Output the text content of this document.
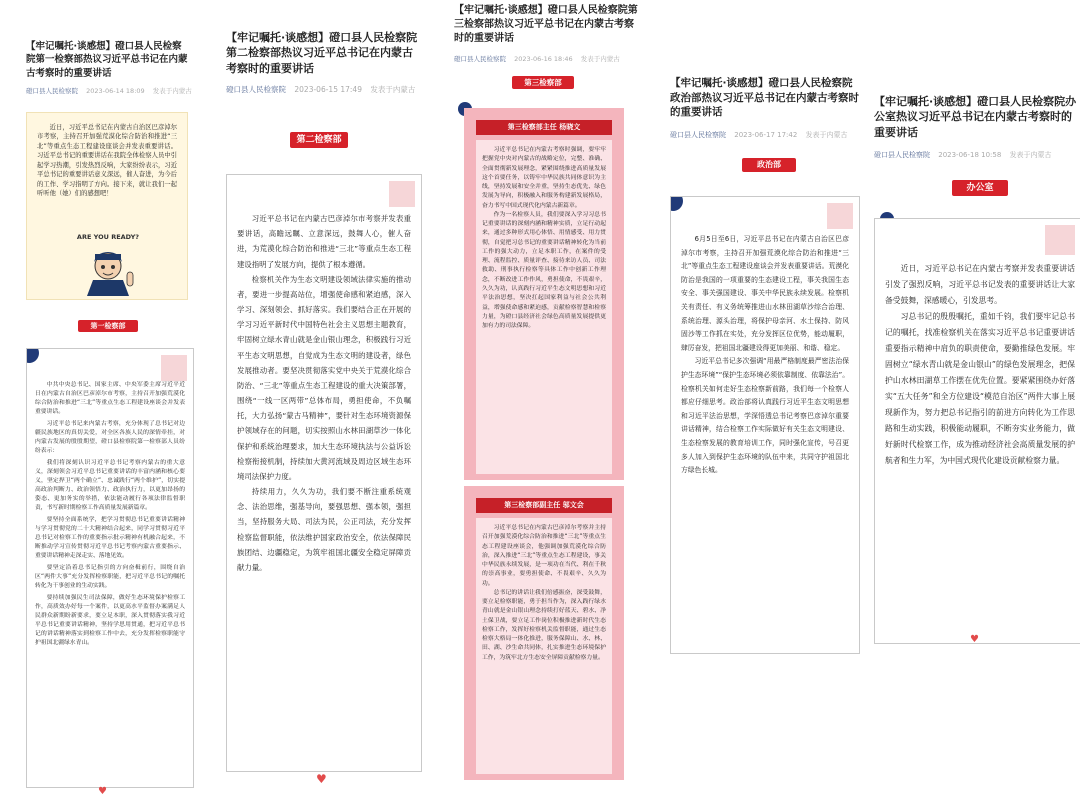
【牢记嘱托·谈感想】磴口县人民检察院第一检察部热议习近平总书记在内蒙古考察时的重要讲话
磴口县人民检察院 2023-06-14 18:09 发表于内蒙古
近日，习近平总书记在内蒙古自治区巴彦淖尔市考察，主持召开加强荒漠化综合防治和推进“三北”等重点生态工程建设座谈会并发表重要讲话。习近平总书记的重要讲话在我院全体检察人员中引起学习热潮，引发热烈反响，大家纷纷表示，习近平总书记的重要讲话意义深远，催人奋进，为今后的工作、学习指明了方向。接下来，就让我们一起听听他（她）们的感想吧！
ARE YOU READY?
第一检察部

中共中央总书记、国家主席、中央军委主席习近平近日在内蒙古自治区巴彦淖尔市考察，主持召开加强荒漠化综合防治和推进“三北”等重点生态工程建设座谈会并发表重要讲话。

习近平总书记来内蒙古考察，充分体现了总书记对边疆民族地区的真切关爱，对全区各族人民的深情牵挂，对内蒙古发展的殷殷期望，磴口县检察院第一检察部人员纷纷表示：

我们将深刻认识习近平总书记考察内蒙古的重大意义，深刻领会习近平总书记重要讲话的丰富内涵和核心要义，坚定捍卫“两个确立”、忠诚践行“两个维护”，切实提高政治判断力、政治领悟力、政治执行力，以更加昂扬的姿态、更加务实的举措，依法能动履行各项法律监督职责，书写新时期检察工作高质量发展新篇章。

要坚持全面系统学，把学习贯彻总书记重要讲话精神与学习贯彻党的二十大精神结合起来，同学习贯彻习近平总书记对检察工作的重要指示批示精神有机融合起来，不断推动学习宣传贯彻习近平总书记考察内蒙古重要指示、重要讲话精神走深走实、落地见效。

要坚定沿着总书记指引的方向奋楫前行，围绕自治区“两件大事”充分发挥检察职能，把习近平总书记的嘱托转化为干事创业的生动实践。

要持续加强民生司法保障，做好生态环境保护检察工作，高质效办好每一个案件，以更高水平监督办案满足人民群众新期盼新要求，要立足本职，深入贯彻落实我习近平总书记重要讲话精神，坚持学思用贯通，把习近平总书记的讲话精神落实到检察工作中去，充分发挥检察职能守护祖国北疆绿水青山。

♥
【牢记嘱托·谈感想】磴口县人民检察院第二检察部热议习近平总书记在内蒙古考察时的重要讲话
磴口县人民检察院 2023-06-15 17:49 发表于内蒙古
第二检察部

习近平总书记在内蒙古巴彦淖尔市考察并发表重要讲话，高瞻远瞩、立意深远，鼓舞人心，催人奋进，为荒漠化综合防治和推进“三北”等重点生态工程建设指明了发展方向，提供了根本遵循。

检察机关作为生态文明建设领域法律实施的推动者，要进一步提高站位，增强使命感和紧迫感，深入学习、深刻领会、抓好落实。我们要结合正在开展的学习习近平新时代中国特色社会主义思想主题教育，牢固树立绿水青山就是金山银山理念，积极践行习近平生态文明思想，自觉成为生态文明的建设者，绿色发展推动者。要坚决贯彻落实党中央关于荒漠化综合防治、“三北”等重点生态工程建设的重大决策部署，围绕“一线一区两带”总体布局，勇担使命，不负嘱托，大力弘扬“蒙古马精神”，要针对生态环境资源保护领域存在的问题，切实按照山水林田湖草沙一体化保护和系统治理要求，加大生态环境执法与公益诉讼检察衔接机制，持续加大黄河流域及周边区域生态环境司法保护力度。

持续用力，久久为功，我们要不断注重系统观念、法治思维，强基导向，要强思想、强本领，强担当，坚持服务大局、司法为民，公正司法，充分发挥检察监督职能，依法维护国家政治安全，依法保障民族团结、边疆稳定，为筑牢祖国北疆安全稳定屏障贡献力量。

♥
【牢记嘱托·谈感想】磴口县人民检察院第三检察部热议习近平总书记在内蒙古考察时的重要讲话
磴口县人民检察院 2023-06-16 18:46 发表于内蒙古
第三检察部
第三检察部主任 杨晓文

习近平总书记在内蒙古考察时强调，要牢牢把握党中央对内蒙古的战略定位，完整、准确、全面贯彻新发展理念，紧紧围绕推进高质量发展这个首要任务，以铸牢中华民族共同体意识为主线，坚持发展和安全并重，坚持生态优先、绿色发展为导向，积极融入和服务构建新发展格局，奋力书写中国式现代化内蒙古新篇章。

作为一名检察人员，我们要深入学习习总书记重要讲话的深刻内涵和精神实质，立足行动起来，通过多种形式用心体悟、用情感受、用力贯彻，自觉把习总书记的重要讲话精神转化为当前工作的强大动力，立足本职工作，在案件的受理、流程监控、质量评查、接待来访人员、司法救助、刑事执行检察等具体工作中创新工作理念，不断改进工作作风，勇担使命，不畏艰辛，久久为功，认真践行习近平生态文明思想和习近平法治思想，坚决扛起国家利益与社会公共利益，増强使命感和紧迫感，贡献检察智慧和检察力量，为磴口县经济社会绿色高质量发展提供更加有力的司法保障。

第三检察部副主任 邬文会

习近平总书记在内蒙古巴彦淖尔考察并主持召开加强荒漠化综合防治和推进“三北”等重点生态工程建设座谈会，他强调加强荒漠化综合防治，深入推进“三北”等重点生态工程建设，事关中华民族永续发展，是一项功在当代、利在千秋的崇高事业，要勇担使命、不畏艰辛、久久为功。

总书记的讲话让我们倍感振奋，深受鼓舞，要立足检察职能，勇于担当作为，深入践行绿水青山就是金山银山理念持续打好蓝天、碧水、净土保卫战，要立足工作岗位积极推进新时代生态检察工作，发挥好检察机关监督职能，通过生态检察大格局一体化推进，服务保障山、水、林、田、湖、沙生命共同体，扎实推进生态环境保护工作，为筑牢北方生态安全屏障贡献检察力量。

【牢记嘱托·谈感想】磴口县人民检察院政治部热议习近平总书记在内蒙古考察时的重要讲话
磴口县人民检察院 2023-06-17 17:42 发表于内蒙古
政治部

6月5日至6日，习近平总书记在内蒙古自治区巴彦淖尔市考察，主持召开加强荒漠化综合防治和推进“三北”等重点生态工程建设座谈会并发表重要讲话。荒漠化防治是我国的一项重要的生态建设工程，事关我国生态安全、事关强国建设、事关中华民族永续发展。检察机关有责任、有义务统筹推进山水林田湖草沙综合治理、系统治理、源头治理，将保护母亲河、水土保持、防风固沙等工作抓在实处，充分发挥区位优势，能动履职，肆厉奋发，把祖国北疆建设得更加美丽、和谐、稳定。

习近平总书记多次强调“用最严格制度最严密法治保护生态环境”“保护生态环境必须依靠制度、依靠法治”。检察机关如何走好生态检察新前路，我们每一个检察人都应仔细思考。政治部将认真践行习近平生态文明思想和习近平法治思想，学深悟透总书记考察巴彦淖尔重要讲话精神，结合检察工作实际做好有关生态文明建设、生态检察发展的教育培训工作，同时强化宣传，号召更多人加入到保护生态环境的队伍中来，共同守护祖国北方绿色长城。

【牢记嘱托·谈感想】磴口县人民检察院办公室热议习近平总书记在内蒙古考察时的重要讲话
磴口县人民检察院 2023-06-18 10:58 发表于内蒙古
办公室

近日，习近平总书记在内蒙古考察并发表重要讲话引发了强烈反响，习近平总书记发表的重要讲话让大家备受鼓舞，深感暖心，引发思考。

习总书记的殷殷嘱托，重如千钧，我们要牢记总书记的嘱托，找准检察机关在落实习近平总书记重要讲话重要指示精神中肩负的职责使命，要勤推绿色发展。牢固树立“绿水青山就是金山银山”的绿色发展理念，把保护山水林田湖草工作摆在优先位置。要紧紧围绕办好落实“五大任务”和全方位建设“模范自治区”两件大事上展现新作为，努力把总书记指引的前进方向转化为工作思路和生动实践，积极能动履职，不断夯实业务能力，做好新时代检察工作，成为推动经济社会高质量发展的护航者和生力军，为中国式现代化建设贡献检察力量。

♥
